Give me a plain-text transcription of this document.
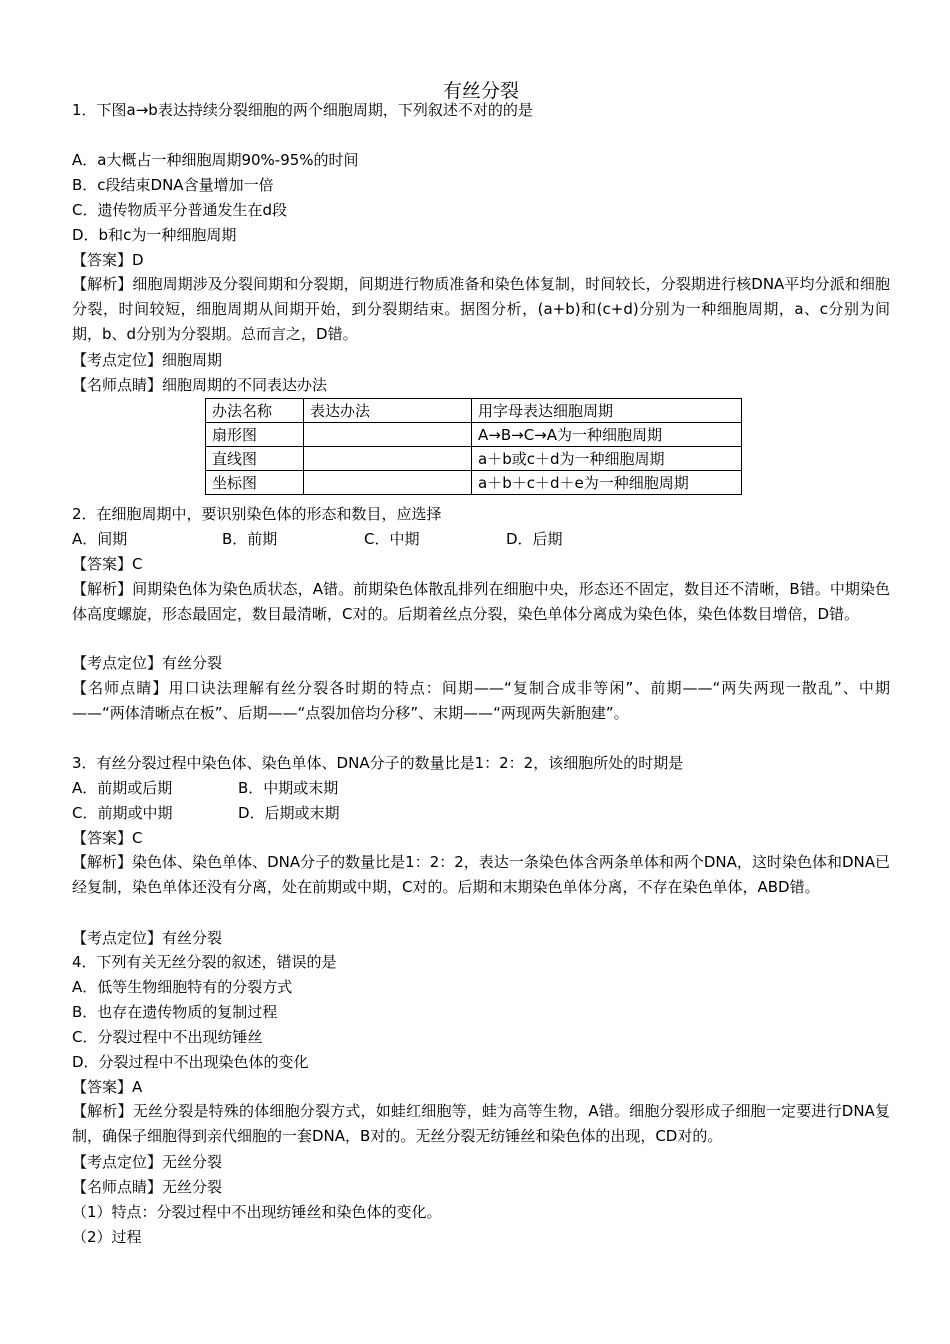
有丝分裂
1．下图a→b表达持续分裂细胞的两个细胞周期，下列叙述不对的的是
A．a大概占一种细胞周期90%-95%的时间
B．c段结束DNA含量增加一倍
C．遗传物质平分普通发生在d段
D．b和c为一种细胞周期
【答案】D
【解析】细胞周期涉及分裂间期和分裂期，间期进行物质准备和染色体复制，时间较长，分裂期进行核DNA平均分派和细胞分裂，时间较短，细胞周期从间期开始，到分裂期结束。据图分析，(a+b)和(c+d)分别为一种细胞周期，a、c分别为间期，b、d分别为分裂期。总而言之，D错。
【考点定位】细胞周期
【名师点睛】细胞周期的不同表达办法
办法名称	表达办法	用字母表达细胞周期
扇形图		A→B→C→A为一种细胞周期
直线图		a＋b或c＋d为一种细胞周期
坐标图		a＋b＋c＋d＋e为一种细胞周期
2．在细胞周期中，要识别染色体的形态和数目，应选择
A．间期	B．前期	C．中期	D．后期
【答案】C
【解析】间期染色体为染色质状态，A错。前期染色体散乱排列在细胞中央，形态还不固定，数目还不清晰，B错。中期染色体高度螺旋，形态最固定，数目最清晰，C对的。后期着丝点分裂，染色单体分离成为染色体，染色体数目增倍，D错。
【考点定位】有丝分裂
【名师点睛】用口诀法理解有丝分裂各时期的特点：间期——“复制合成非等闲”、前期——“两失两现一散乱”、中期——“两体清晰点在板”、后期——“点裂加倍均分移”、末期——“两现两失新胞建”。
3．有丝分裂过程中染色体、染色单体、DNA分子的数量比是1：2：2，该细胞所处的时期是
A．前期或后期	B．中期或末期
C．前期或中期	D．后期或末期
【答案】C
【解析】染色体、染色单体、DNA分子的数量比是1：2：2，表达一条染色体含两条单体和两个DNA，这时染色体和DNA已经复制，染色单体还没有分离，处在前期或中期，C对的。后期和末期染色单体分离，不存在染色单体，ABD错。
【考点定位】有丝分裂
4．下列有关无丝分裂的叙述，错误的是
A．低等生物细胞特有的分裂方式
B．也存在遗传物质的复制过程
C．分裂过程中不出现纺锤丝
D．分裂过程中不出现染色体的变化
【答案】A
【解析】无丝分裂是特殊的体细胞分裂方式，如蛙红细胞等，蛙为高等生物，A错。细胞分裂形成子细胞一定要进行DNA复制，确保子细胞得到亲代细胞的一套DNA，B对的。无丝分裂无纺锤丝和染色体的出现，CD对的。
【考点定位】无丝分裂
【名师点睛】无丝分裂
（1）特点：分裂过程中不出现纺锤丝和染色体的变化。
（2）过程
